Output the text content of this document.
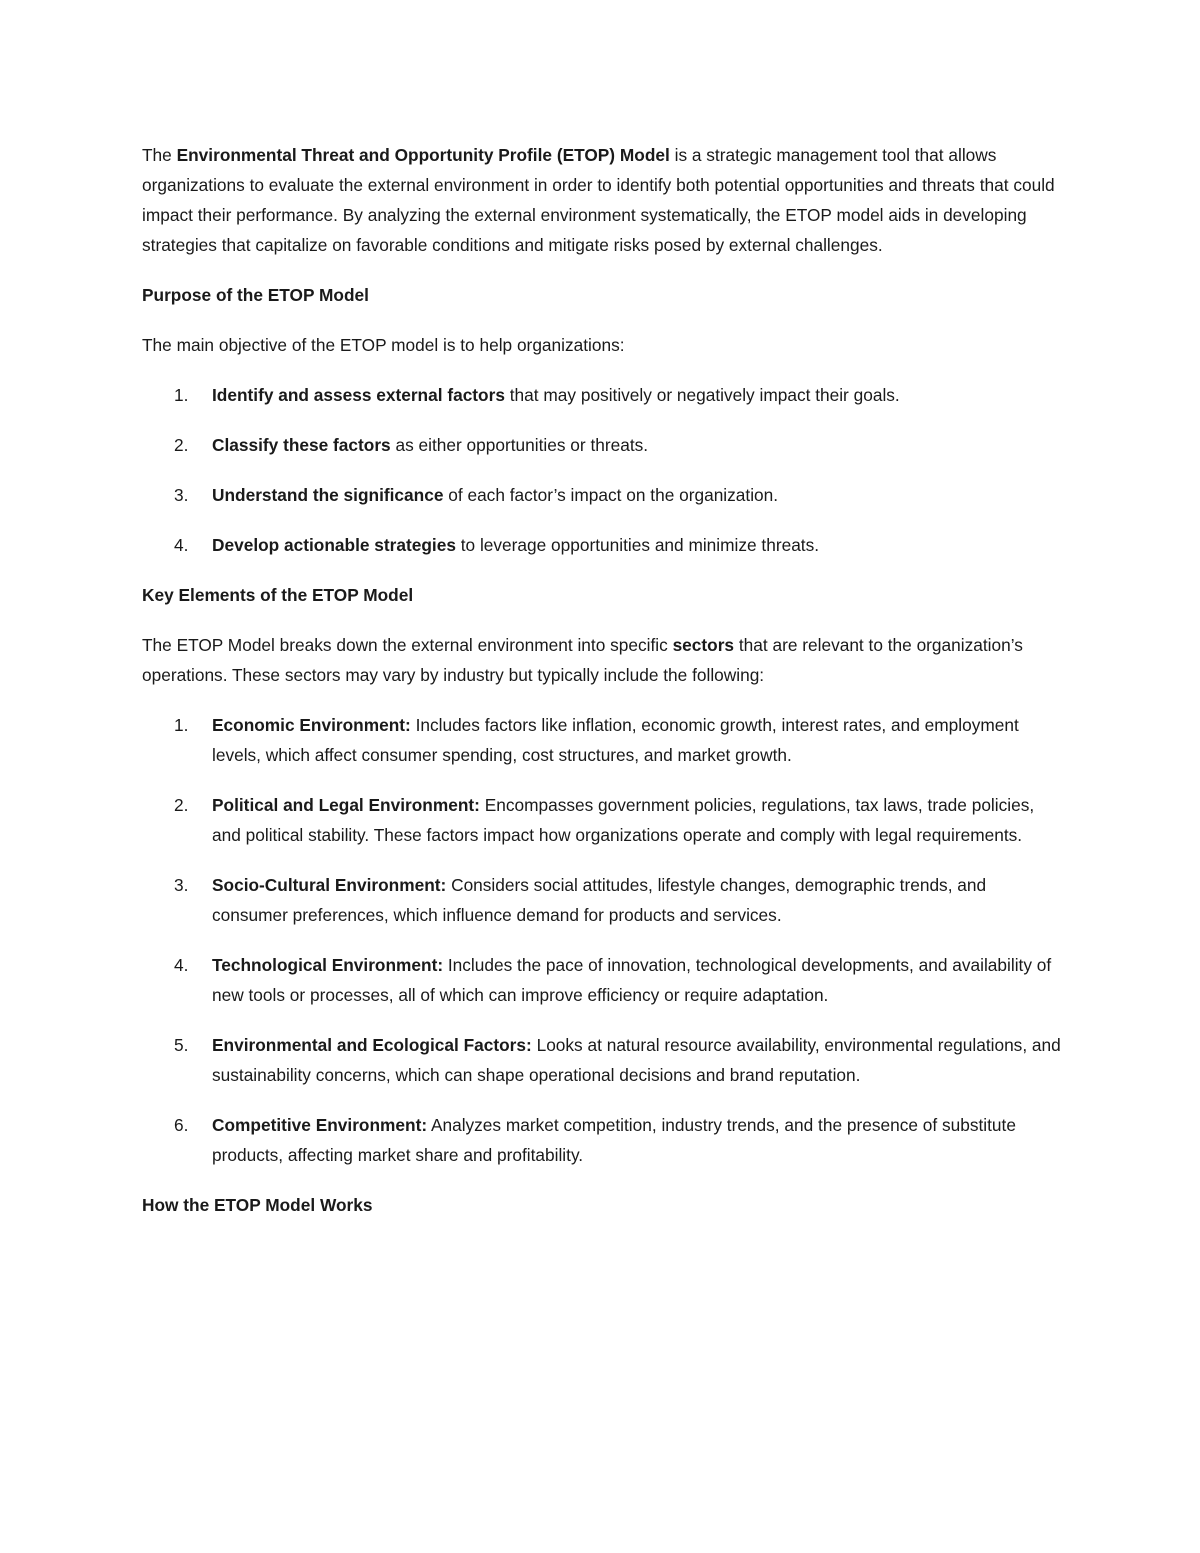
The Environmental Threat and Opportunity Profile (ETOP) Model is a strategic management tool that allows organizations to evaluate the external environment in order to identify both potential opportunities and threats that could impact their performance. By analyzing the external environment systematically, the ETOP model aids in developing strategies that capitalize on favorable conditions and mitigate risks posed by external challenges.

Purpose of the ETOP Model

The main objective of the ETOP model is to help organizations:

1. Identify and assess external factors that may positively or negatively impact their goals.
2. Classify these factors as either opportunities or threats.
3. Understand the significance of each factor’s impact on the organization.
4. Develop actionable strategies to leverage opportunities and minimize threats.

Key Elements of the ETOP Model

The ETOP Model breaks down the external environment into specific sectors that are relevant to the organization’s operations. These sectors may vary by industry but typically include the following:

1. Economic Environment: Includes factors like inflation, economic growth, interest rates, and employment levels, which affect consumer spending, cost structures, and market growth.
2. Political and Legal Environment: Encompasses government policies, regulations, tax laws, trade policies, and political stability. These factors impact how organizations operate and comply with legal requirements.
3. Socio-Cultural Environment: Considers social attitudes, lifestyle changes, demographic trends, and consumer preferences, which influence demand for products and services.
4. Technological Environment: Includes the pace of innovation, technological developments, and availability of new tools or processes, all of which can improve efficiency or require adaptation.
5. Environmental and Ecological Factors: Looks at natural resource availability, environmental regulations, and sustainability concerns, which can shape operational decisions and brand reputation.
6. Competitive Environment: Analyzes market competition, industry trends, and the presence of substitute products, affecting market share and profitability.

How the ETOP Model Works
